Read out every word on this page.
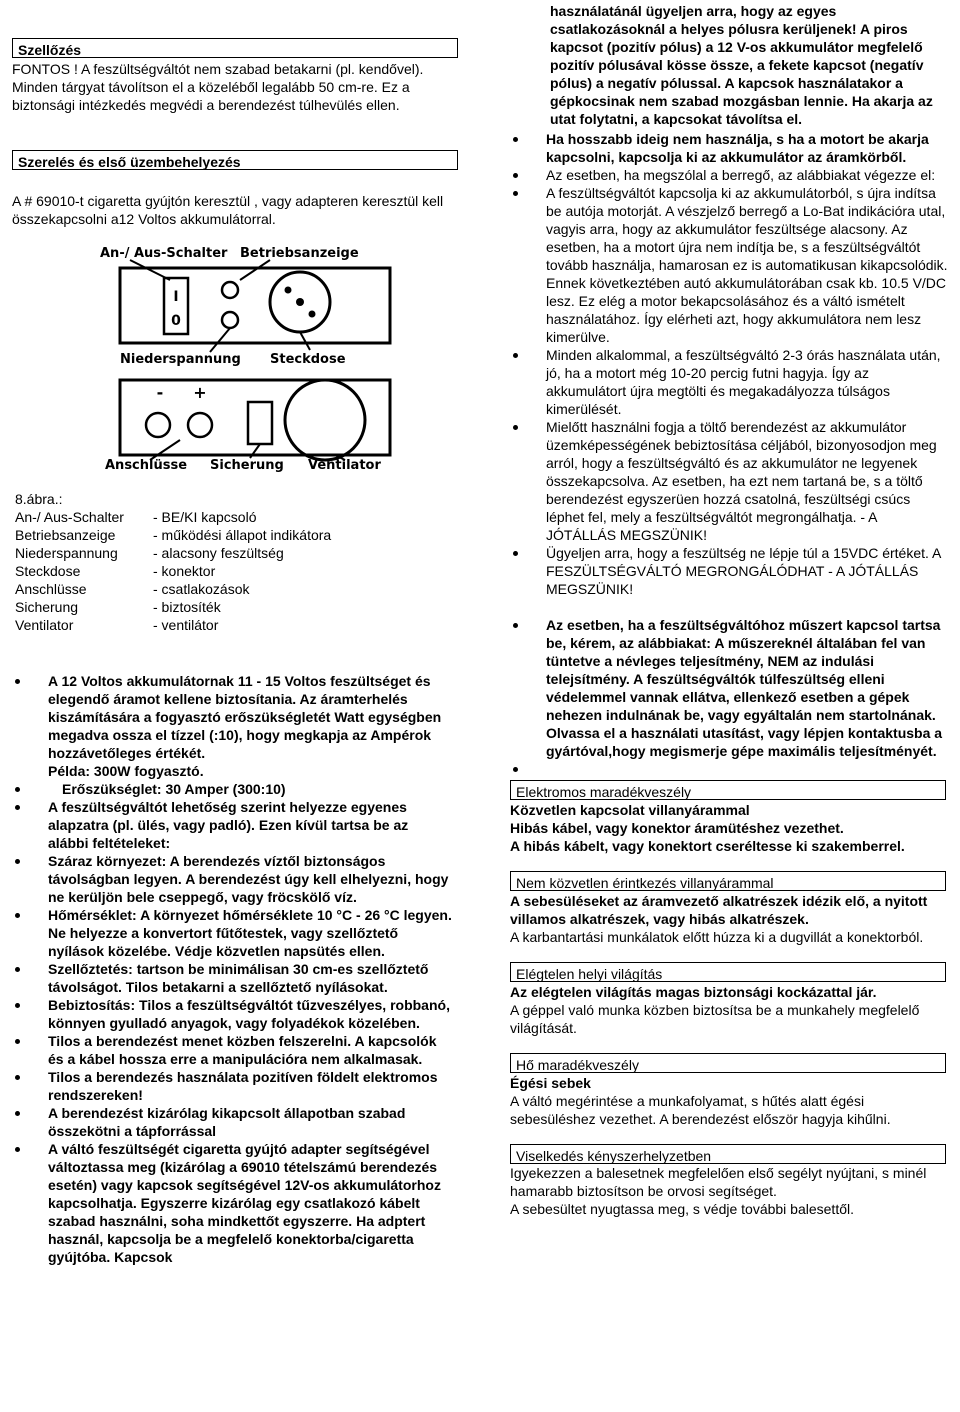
Szellőzés

FONTOS ! A feszültségváltót nem szabad betakarni (pl. kendővel). Minden tárgyat távolítson el a közeléből legalább 50 cm-re. Ez a biztonsági intézkedés megvédi a berendezést túlhevülés ellen.

Szerelés és első üzembehelyezés

A # 69010-t cigaretta gyújtón keresztül , vagy adapteren keresztül kell összekapcsolni a12 Voltos akkumulátorral.

An-/ Aus-Schalter Betriebsanzeige
Niederspannung Steckdose
Anschlüsse Sicherung Ventilator
I
0
- +
8.ábra.:
An-/ Aus-Schalter	- BE/KI kapcsoló
Betriebsanzeige	- működési állapot indikátora
Niederspannung	- alacsony feszültség
Steckdose	- konektor
Anschlüsse	- csatlakozások
Sicherung	- biztosíték
Ventilator	- ventilátor
A 12 Voltos akkumulátornak 11 - 15 Voltos feszültséget és elegendő áramot kellene biztosítania. Az áramterhelés kiszámítására a fogyasztó erőszükségletét Watt egységben megadva ossza el tízzel (:10), hogy megkapja az Ampérok hozzávetőleges értékét.
Példa: 300W fogyasztó.
Erőszükséglet: 30 Amper (300:10)
A feszültségváltót lehetőség szerint helyezze egyenes alapzatra (pl. ülés, vagy padló). Ezen kívül tartsa be az alábbi feltételeket:
Száraz környezet: A berendezés víztől biztonságos távolságban legyen. A berendezést úgy kell elhelyezni, hogy ne kerüljön bele cseppegő, vagy fröcskölő víz.
Hőmérséklet: A környezet hőmérséklete 10 °C - 26 °C legyen. Ne helyezze a konvertort fűtőtestek, vagy szellőztető nyílások közelébe. Védje közvetlen napsütés ellen.
Szellőztetés: tartson be minimálisan 30 cm-es szellőztető távolságot. Tilos betakarni a szellőztető nyílásokat.
Bebiztosítás: Tilos a feszültségváltót tűzveszélyes, robbanó, könnyen gyulladó anyagok, vagy folyadékok közelében.
Tilos a berendezést menet közben felszerelni. A kapcsolók és a kábel hossza erre a manipulációra nem alkalmasak.
Tilos a berendezés használata pozitíven földelt elektromos rendszereken!
A berendezést kizárólag kikapcsolt állapotban szabad összekötni a tápforrással
A váltó feszültségét cigaretta gyújtó adapter segítségével változtassa meg (kizárólag a 69010 tételszámú berendezés esetén) vagy kapcsok segítségével 12V-os akkumulátorhoz kapcsolhatja. Egyszerre kizárólag egy csatlakozó kábelt szabad használni, soha mindkettőt egyszerre. Ha adptert használ, kapcsolja be a megfelelő konektorba/cigaretta gyújtóba. Kapcsok

használatánál ügyeljen arra, hogy az egyes csatlakozásoknál a helyes pólusra kerüljenek! A piros kapcsot (pozitív pólus) a 12 V-os akkumulátor megfelelő pozitív pólusával kösse össze, a fekete kapcsot (negatív pólus) a negatív pólussal. A kapcsok használatakor a gépkocsinak nem szabad mozgásban lennie. Ha akarja az utat folytatni, a kapcsokat távolítsa el.

Ha hosszabb ideig nem használja, s ha a motort be akarja kapcsolni, kapcsolja ki az akkumulátor az áramkörből.
Az esetben, ha megszólal a berregő, az alábbiakat végezze el:
A feszültségváltót kapcsolja ki az akkumulátorból, s újra indítsa be autója motorját. A vészjelző berregő a Lo-Bat indikációra utal, vagyis arra, hogy az akkumulátor feszültsége alacsony. Az esetben, ha a motort újra nem indítja be, s a feszültségváltót tovább használja, hamarosan ez is automatikusan kikapcsolódik. Ennek következtében autó akkumulátorában csak kb. 10.5 V/DC lesz. Ez elég a motor bekapcsolásához és a váltó ismételt használatához. Így elérheti azt, hogy akkumulátora nem lesz kimerülve.
Minden alkalommal, a feszültségváltó 2-3 órás használata után, jó, ha a motort még 10-20 percig futni hagyja. Így az akkumulátort újra megtölti és megakadályozza túlságos kimerülését.
Mielőtt használni fogja a töltő berendezést az akkumulátor üzemképességének bebiztosítása céljából, bizonyosodjon meg arról, hogy a feszültségváltó és az akkumulátor ne legyenek összekapcsolva. Az esetben, ha ezt nem tartaná be, s a töltő berendezést egyszerüen hozzá csatolná, feszültségi csúcs léphet fel, mely a feszültségváltót megrongálhatja. - A JÓTÁLLÁS MEGSZÜNIK!
Ügyeljen arra, hogy a feszültség ne lépje túl a 15VDC értéket. A FESZÜLTSÉGVÁLTÓ MEGRONGÁLÓDHAT - A JÓTÁLLÁS MEGSZÜNIK!
Az esetben, ha a feszültségváltóhoz műszert kapcsol tartsa be, kérem, az alábbiakat: A műszereknél általában fel van tüntetve a névleges teljesítmény, NEM az indulási telejsítmény. A feszültségváltók túlfeszültség elleni védelemmel vannak ellátva, ellenkező esetben a gépek nehezen indulnának be, vagy egyáltalán nem startolnának. Olvassa el a használati utasítást, vagy lépjen kontaktusba a gyártóval,hogy megismerje gépe maximális teljesítményét.
Elektromos maradékveszély
Közvetlen kapcsolat villanyárammal
Hibás kábel, vagy konektor áramütéshez vezethet.
A hibás kábelt, vagy konektort cseréltesse ki szakemberrel.
Nem közvetlen érintkezés villanyárammal
A sebesüléseket az áramvezető alkatrészek idézik elő, a nyitott villamos alkatrészek, vagy hibás alkatrészek.
A karbantartási munkálatok előtt húzza ki a dugvillát a konektorból.
Elégtelen helyi világítás
Az elégtelen világítás magas biztonsági kockázattal jár.
A géppel való munka közben biztosítsa be a munkahely megfelelő világítását.
Hő maradékveszély
Égési sebek
A váltó megérintése a munkafolyamat, s hűtés alatt égési sebesüléshez vezethet. A berendezést először hagyja kihűlni.
Viselkedés kényszerhelyzetben
Igyekezzen a balesetnek megfelelően első segélyt nyújtani, s minél hamarabb biztosítson be orvosi segítséget.
A sebesültet nyugtassa meg, s védje további balesettől.
